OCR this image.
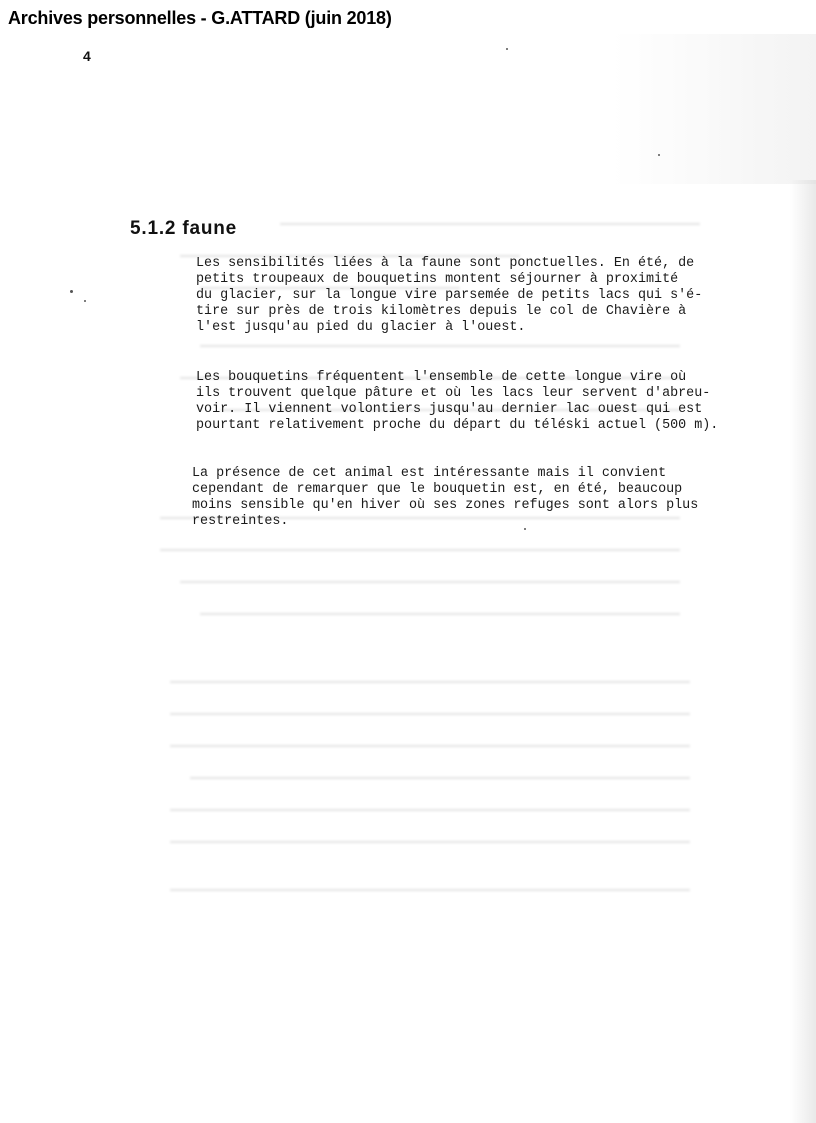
Archives personnelles - G.ATTARD (juin 2018)
4
5.1.2 faune
Les sensibilités liées à la faune sont ponctuelles. En été, de
petits troupeaux de bouquetins montent séjourner à proximité
du glacier, sur la longue vire parsemée de petits lacs qui s'é-
tire sur près de trois kilomètres depuis le col de Chavière à
l'est jusqu'au pied du glacier à l'ouest.
Les bouquetins fréquentent l'ensemble de cette longue vire où
ils trouvent quelque pâture et où les lacs leur servent d'abreu-
voir. Il viennent volontiers jusqu'au dernier lac ouest qui est
pourtant relativement proche du départ du téléski actuel (500 m).
La présence de cet animal est intéressante mais il convient
cependant de remarquer que le bouquetin est, en été, beaucoup
moins sensible qu'en hiver où ses zones refuges sont alors plus
restreintes.
